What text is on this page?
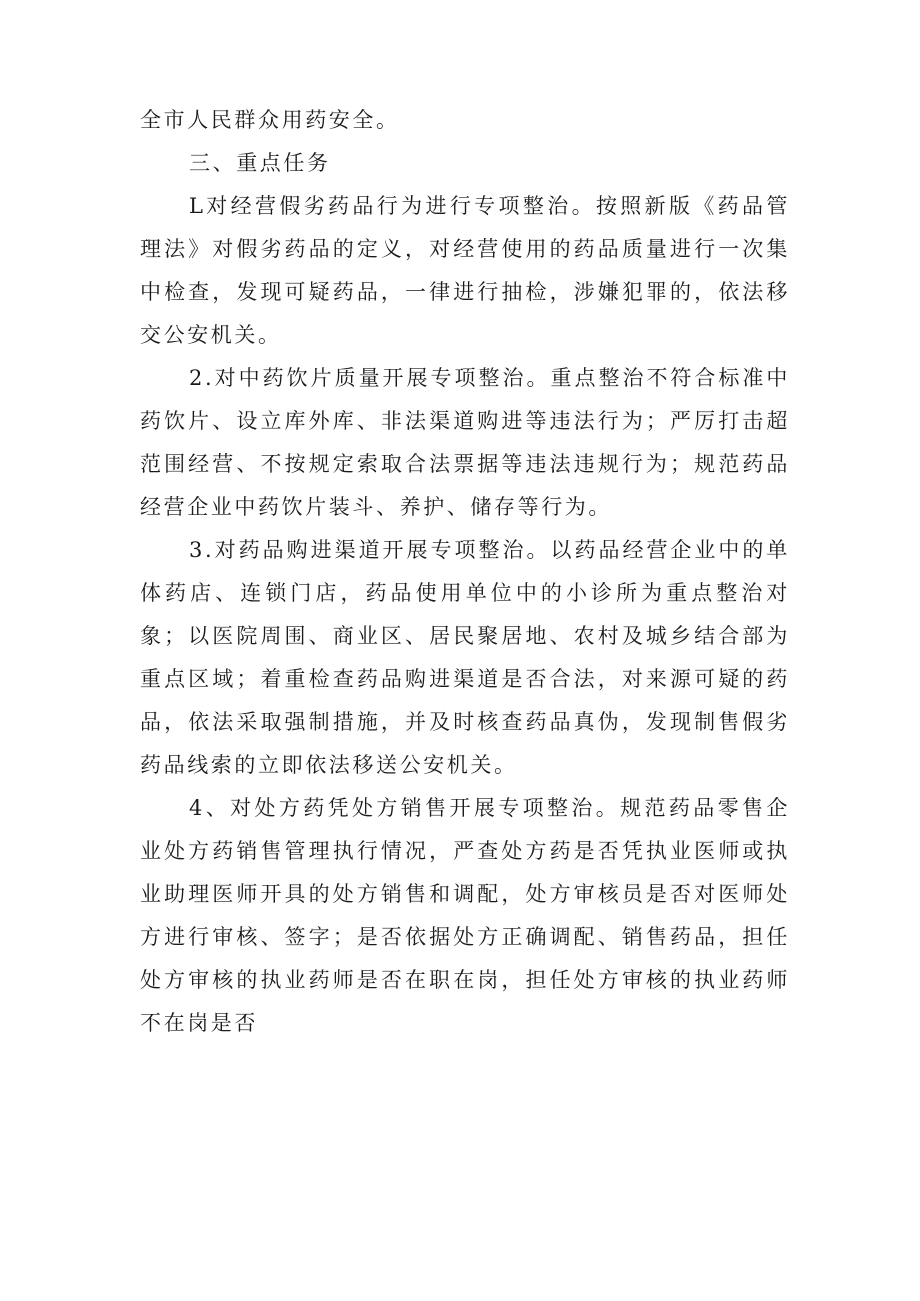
全市人民群众用药安全。

三、重点任务

L对经营假劣药品行为进行专项整治。按照新版《药品管理法》对假劣药品的定义，对经营使用的药品质量进行一次集中检查，发现可疑药品，一律进行抽检，涉嫌犯罪的，依法移交公安机关。

2.对中药饮片质量开展专项整治。重点整治不符合标准中药饮片、设立库外库、非法渠道购进等违法行为；严厉打击超范围经营、不按规定索取合法票据等违法违规行为；规范药品经营企业中药饮片装斗、养护、储存等行为。

3.对药品购进渠道开展专项整治。以药品经营企业中的单体药店、连锁门店，药品使用单位中的小诊所为重点整治对象；以医院周围、商业区、居民聚居地、农村及城乡结合部为重点区域；着重检查药品购进渠道是否合法，对来源可疑的药品，依法采取强制措施，并及时核查药品真伪，发现制售假劣药品线索的立即依法移送公安机关。

4、对处方药凭处方销售开展专项整治。规范药品零售企业处方药销售管理执行情况，严查处方药是否凭执业医师或执业助理医师开具的处方销售和调配，处方审核员是否对医师处方进行审核、签字；是否依据处方正确调配、销售药品，担任处方审核的执业药师是否在职在岗，担任处方审核的执业药师不在岗是否
